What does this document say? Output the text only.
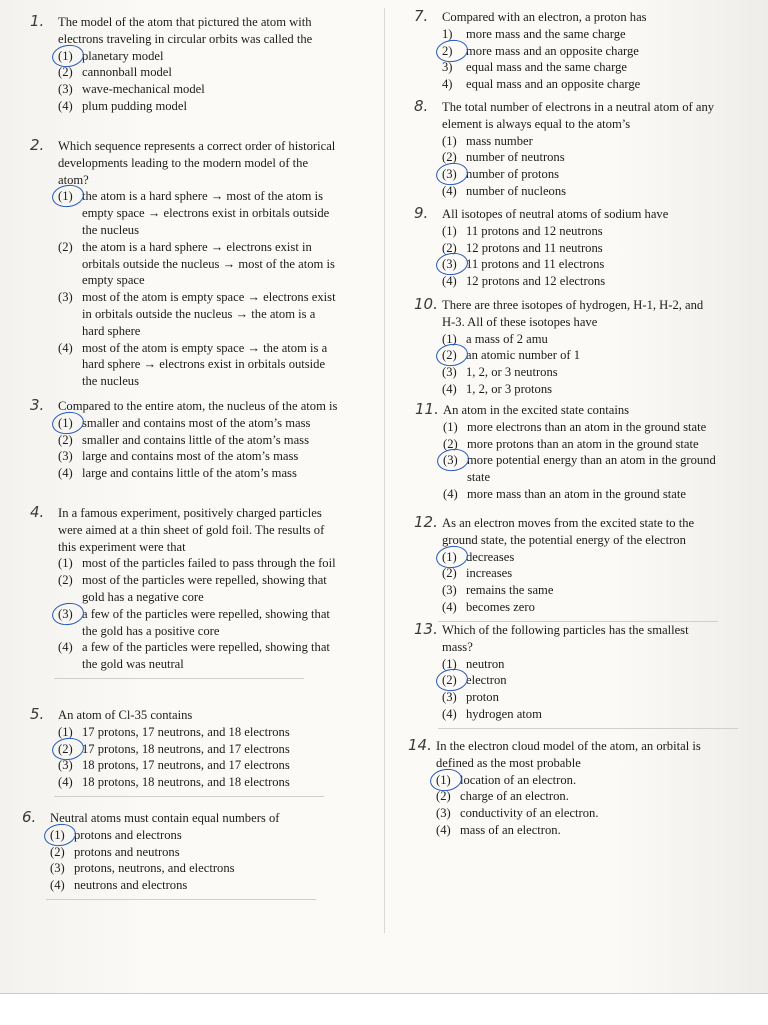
1. The model of the atom that pictured the atom with electrons traveling in circular orbits was called the
(1) planetary model
(2) cannonball model
(3) wave-mechanical model
(4) plum pudding model
2. Which sequence represents a correct order of historical developments leading to the modern model of the atom?
(1) the atom is a hard sphere → most of the atom is empty space → electrons exist in orbitals outside the nucleus
(2) the atom is a hard sphere → electrons exist in orbitals outside the nucleus → most of the atom is empty space
(3) most of the atom is empty space → electrons exist in orbitals outside the nucleus → the atom is a hard sphere
(4) most of the atom is empty space → the atom is a hard sphere → electrons exist in orbitals outside the nucleus
3. Compared to the entire atom, the nucleus of the atom is
(1) smaller and contains most of the atom’s mass
(2) smaller and contains little of the atom’s mass
(3) large and contains most of the atom’s mass
(4) large and contains little of the atom’s mass
4. In a famous experiment, positively charged particles were aimed at a thin sheet of gold foil. The results of this experiment were that
(1) most of the particles failed to pass through the foil
(2) most of the particles were repelled, showing that gold has a negative core
(3) a few of the particles were repelled, showing that the gold has a positive core
(4) a few of the particles were repelled, showing that the gold was neutral
5. An atom of Cl-35 contains
(1) 17 protons, 17 neutrons, and 18 electrons
(2) 17 protons, 18 neutrons, and 17 electrons
(3) 18 protons, 17 neutrons, and 17 electrons
(4) 18 protons, 18 neutrons, and 18 electrons
6. Neutral atoms must contain equal numbers of
(1) protons and electrons
(2) protons and neutrons
(3) protons, neutrons, and electrons
(4) neutrons and electrons
7. Compared with an electron, a proton has
1) more mass and the same charge
2) more mass and an opposite charge
3) equal mass and the same charge
4) equal mass and an opposite charge
8. The total number of electrons in a neutral atom of any element is always equal to the atom’s
(1) mass number
(2) number of neutrons
(3) number of protons
(4) number of nucleons
9. All isotopes of neutral atoms of sodium have
(1) 11 protons and 12 neutrons
(2) 12 protons and 11 neutrons
(3) 11 protons and 11 electrons
(4) 12 protons and 12 electrons
10. There are three isotopes of hydrogen, H-1, H-2, and H-3. All of these isotopes have
(1) a mass of 2 amu
(2) an atomic number of 1
(3) 1, 2, or 3 neutrons
(4) 1, 2, or 3 protons
11. An atom in the excited state contains
(1) more electrons than an atom in the ground state
(2) more protons than an atom in the ground state
(3) more potential energy than an atom in the ground state
(4) more mass than an atom in the ground state
12. As an electron moves from the excited state to the ground state, the potential energy of the electron
(1) decreases
(2) increases
(3) remains the same
(4) becomes zero
13. Which of the following particles has the smallest mass?
(1) neutron
(2) electron
(3) proton
(4) hydrogen atom
14. In the electron cloud model of the atom, an orbital is defined as the most probable
(1) location of an electron.
(2) charge of an electron.
(3) conductivity of an electron.
(4) mass of an electron.
